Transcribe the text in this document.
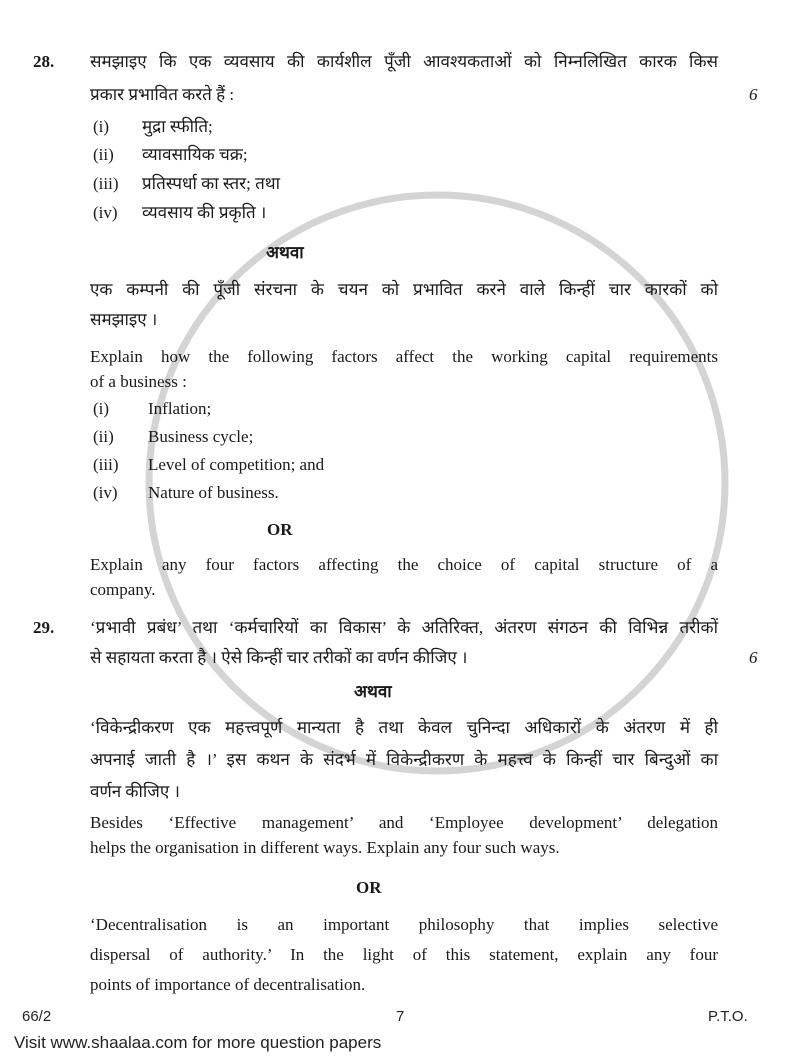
28. समझाइए कि एक व्यवसाय की कार्यशील पूँजी आवश्यकताओं को निम्नलिखित कारक किस
प्रकार प्रभावित करते हैं :	6
(i) मुद्रा स्फीति;
(ii) व्यावसायिक चक्र;
(iii) प्रतिस्पर्धा का स्तर; तथा
(iv) व्यवसाय की प्रकृति ।
अथवा
एक कम्पनी की पूँजी संरचना के चयन को प्रभावित करने वाले किन्हीं चार कारकों को
समझाइए ।
Explain how the following factors affect the working capital requirements
of a business :
(i) Inflation;
(ii) Business cycle;
(iii) Level of competition; and
(iv) Nature of business.
OR
Explain any four factors affecting the choice of capital structure of a
company.
29. ‘प्रभावी प्रबंध’ तथा ‘कर्मचारियों का विकास’ के अतिरिक्त, अंतरण संगठन की विभिन्न तरीकों
से सहायता करता है । ऐसे किन्हीं चार तरीकों का वर्णन कीजिए ।	6
अथवा
‘विकेन्द्रीकरण एक महत्त्वपूर्ण मान्यता है तथा केवल चुनिन्दा अधिकारों के अंतरण में ही
अपनाई जाती है ।’ इस कथन के संदर्भ में विकेन्द्रीकरण के महत्त्व के किन्हीं चार बिन्दुओं का
वर्णन कीजिए ।
Besides ‘Effective management’ and ‘Employee development’ delegation
helps the organisation in different ways. Explain any four such ways.
OR
‘Decentralisation is an important philosophy that implies selective
dispersal of authority.’ In the light of this statement, explain any four
points of importance of decentralisation.
66/2	7	P.T.O.
Visit www.shaalaa.com for more question papers
